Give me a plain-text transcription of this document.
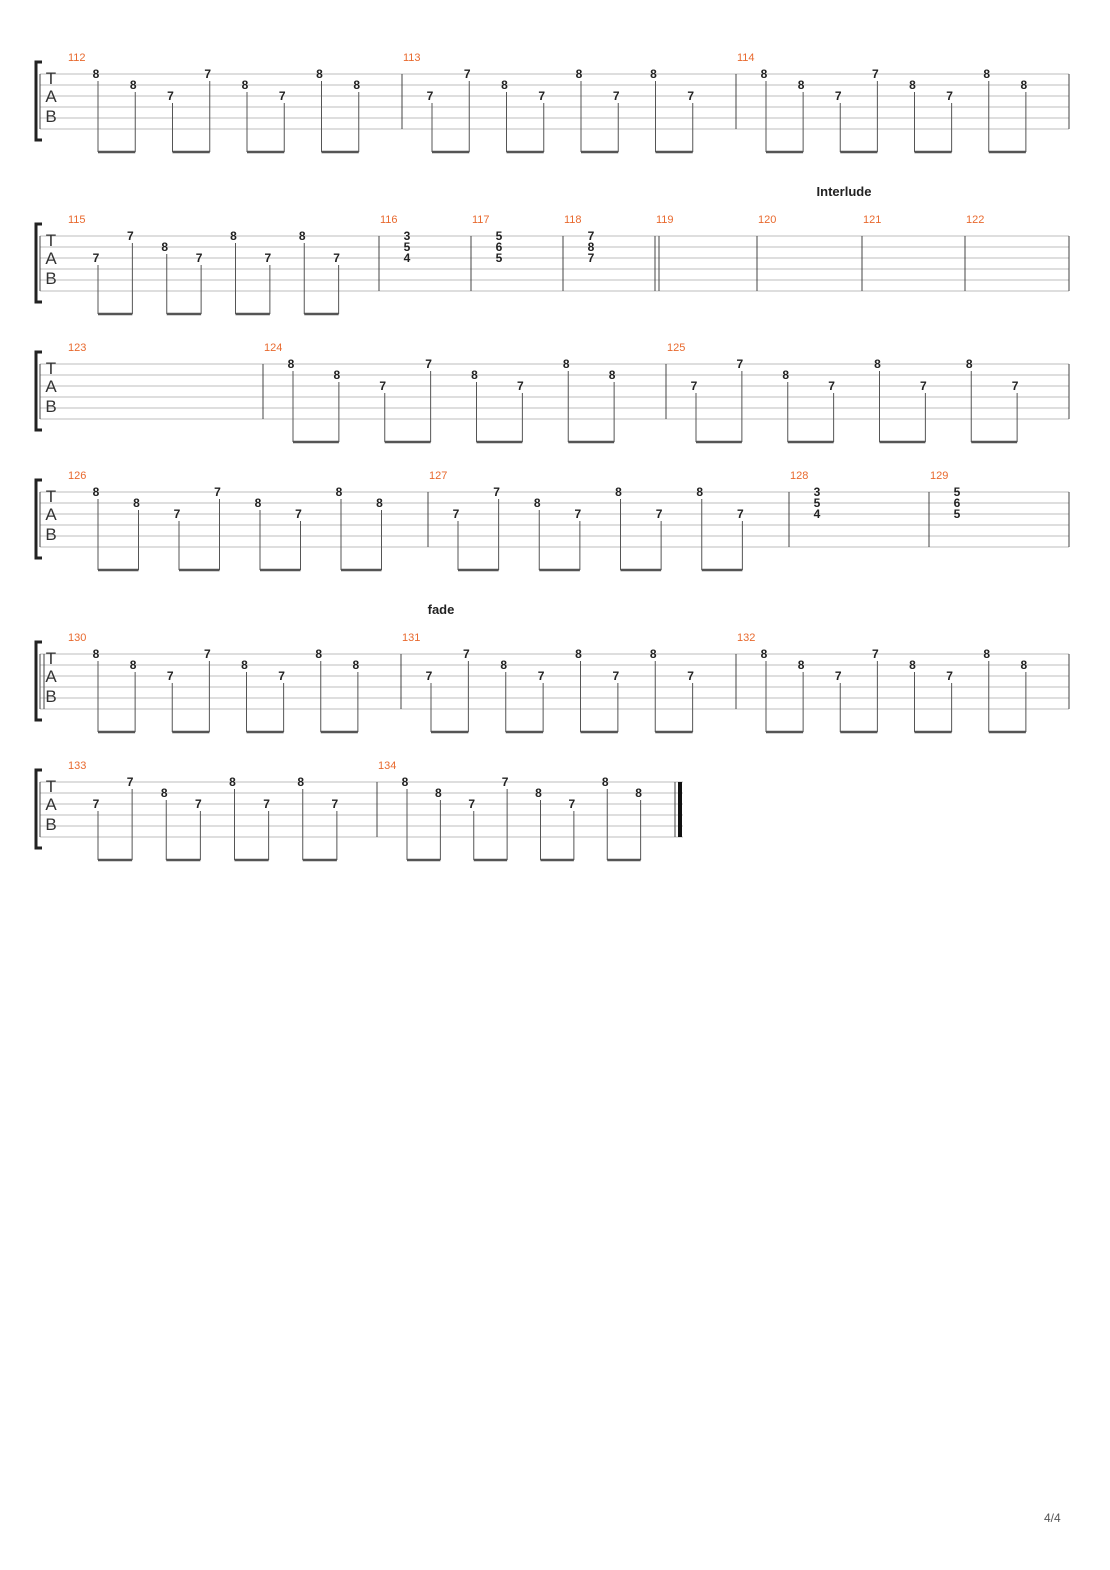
T
A
B
112
8
8
7
7
8
7
8
8
113
7
7
8
7
8
7
8
7
114
8
8
7
7
8
7
8
8
T
A
B
115
7
7
8
7
8
7
8
7
116
3
5
4
117
5
6
5
118
7
8
7
119	120	121	122
Interlude
T
A
B
123	124
8
8
7
7
8
7
8
8
125
7
7
8
7
8
7
8
7
T
A
B
126
8
8
7
7
8
7
8
8
127
7
7
8
7
8
7
8
7
128
3
5
4
129
5
6
5
T
A
B
130
8
8
7
7
8
7
8
8
131
7
7
8
7
8
7
8
7
132
8
8
7
7
8
7
8
8
fade
T
A
B
133
7
7
8
7
8
7
8
7
134
8
8
7
7
8
7
8
8
4/4
